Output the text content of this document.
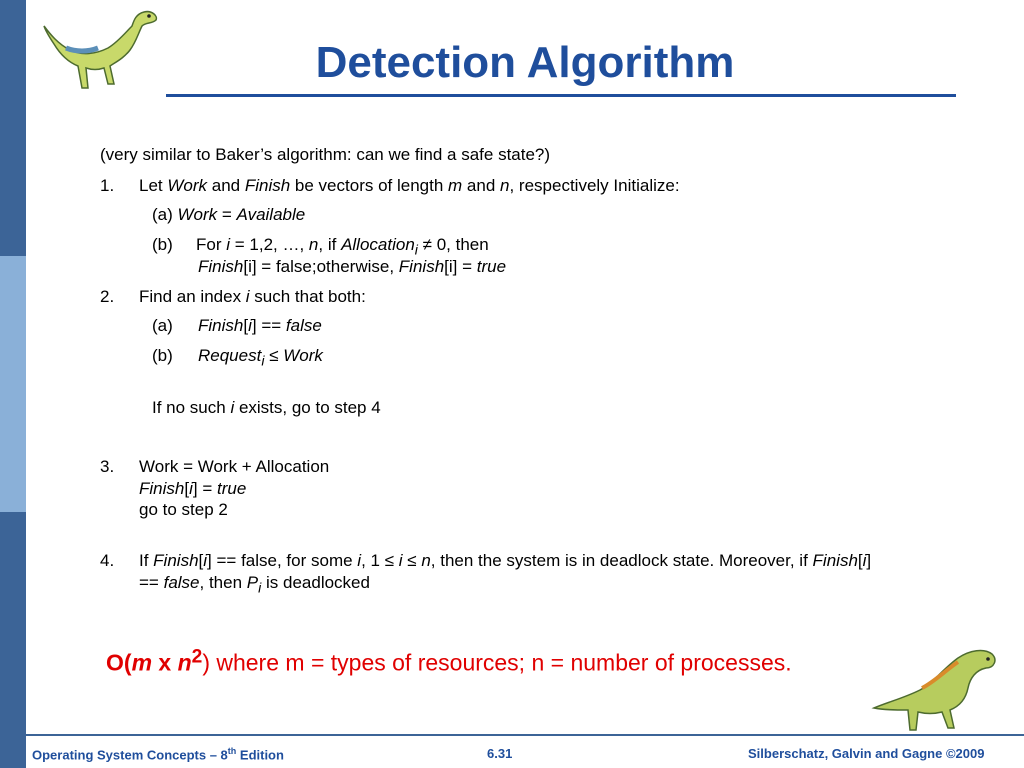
Detection Algorithm
(very similar to Baker’s algorithm: can we find a safe state?)
1. Let Work and Finish be vectors of length m and n, respectively Initialize:
(a) Work = Available
(b) For i = 1,2, …, n, if Allocation$_i$ ≠ 0, then
Finish[i] = false;otherwise, Finish[i] = true
2. Find an index i such that both:
(a) Finish[i] == false
(b) Request$_i$ ≤ Work
If no such i exists, go to step 4
3. Work = Work + Allocation
Finish[i] = true
go to step 2
4. If Finish[i] == false, for some i, 1 ≤ i ≤ n, then the system is in deadlock state. Moreover, if Finish[i]
== false, then $P_i$ is deadlocked
O(m x $n^2$) where m = types of resources; n = number of processes.
Operating System Concepts – 8th Edition	6.31	Silberschatz, Galvin and Gagne ©2009
